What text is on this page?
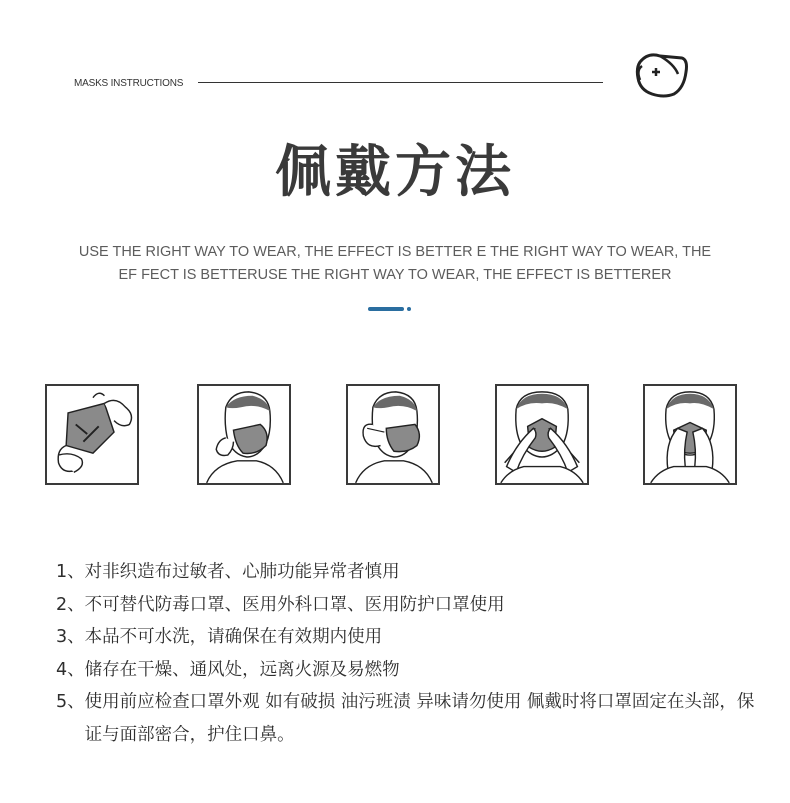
MASKS INSTRUCTIONS
佩戴方法
USE THE RIGHT WAY TO WEAR, THE EFFECT IS BETTER E THE RIGHT WAY TO WEAR, THE EF FECT IS BETTERUSE THE RIGHT WAY TO WEAR, THE EFFECT IS BETTERER
1、 对非织造布过敏者、心肺功能异常者慎用
2、 不可替代防毒口罩、医用外科口罩、医用防护口罩使用
3、 本品不可水洗，请确保在有效期内使用
4、 储存在干燥、通风处，远离火源及易燃物
5、 使用前应检查口罩外观 如有破损 油污班渍 异味请勿使用 佩戴时将口罩固定在头部，保证与面部密合，护住口鼻。
